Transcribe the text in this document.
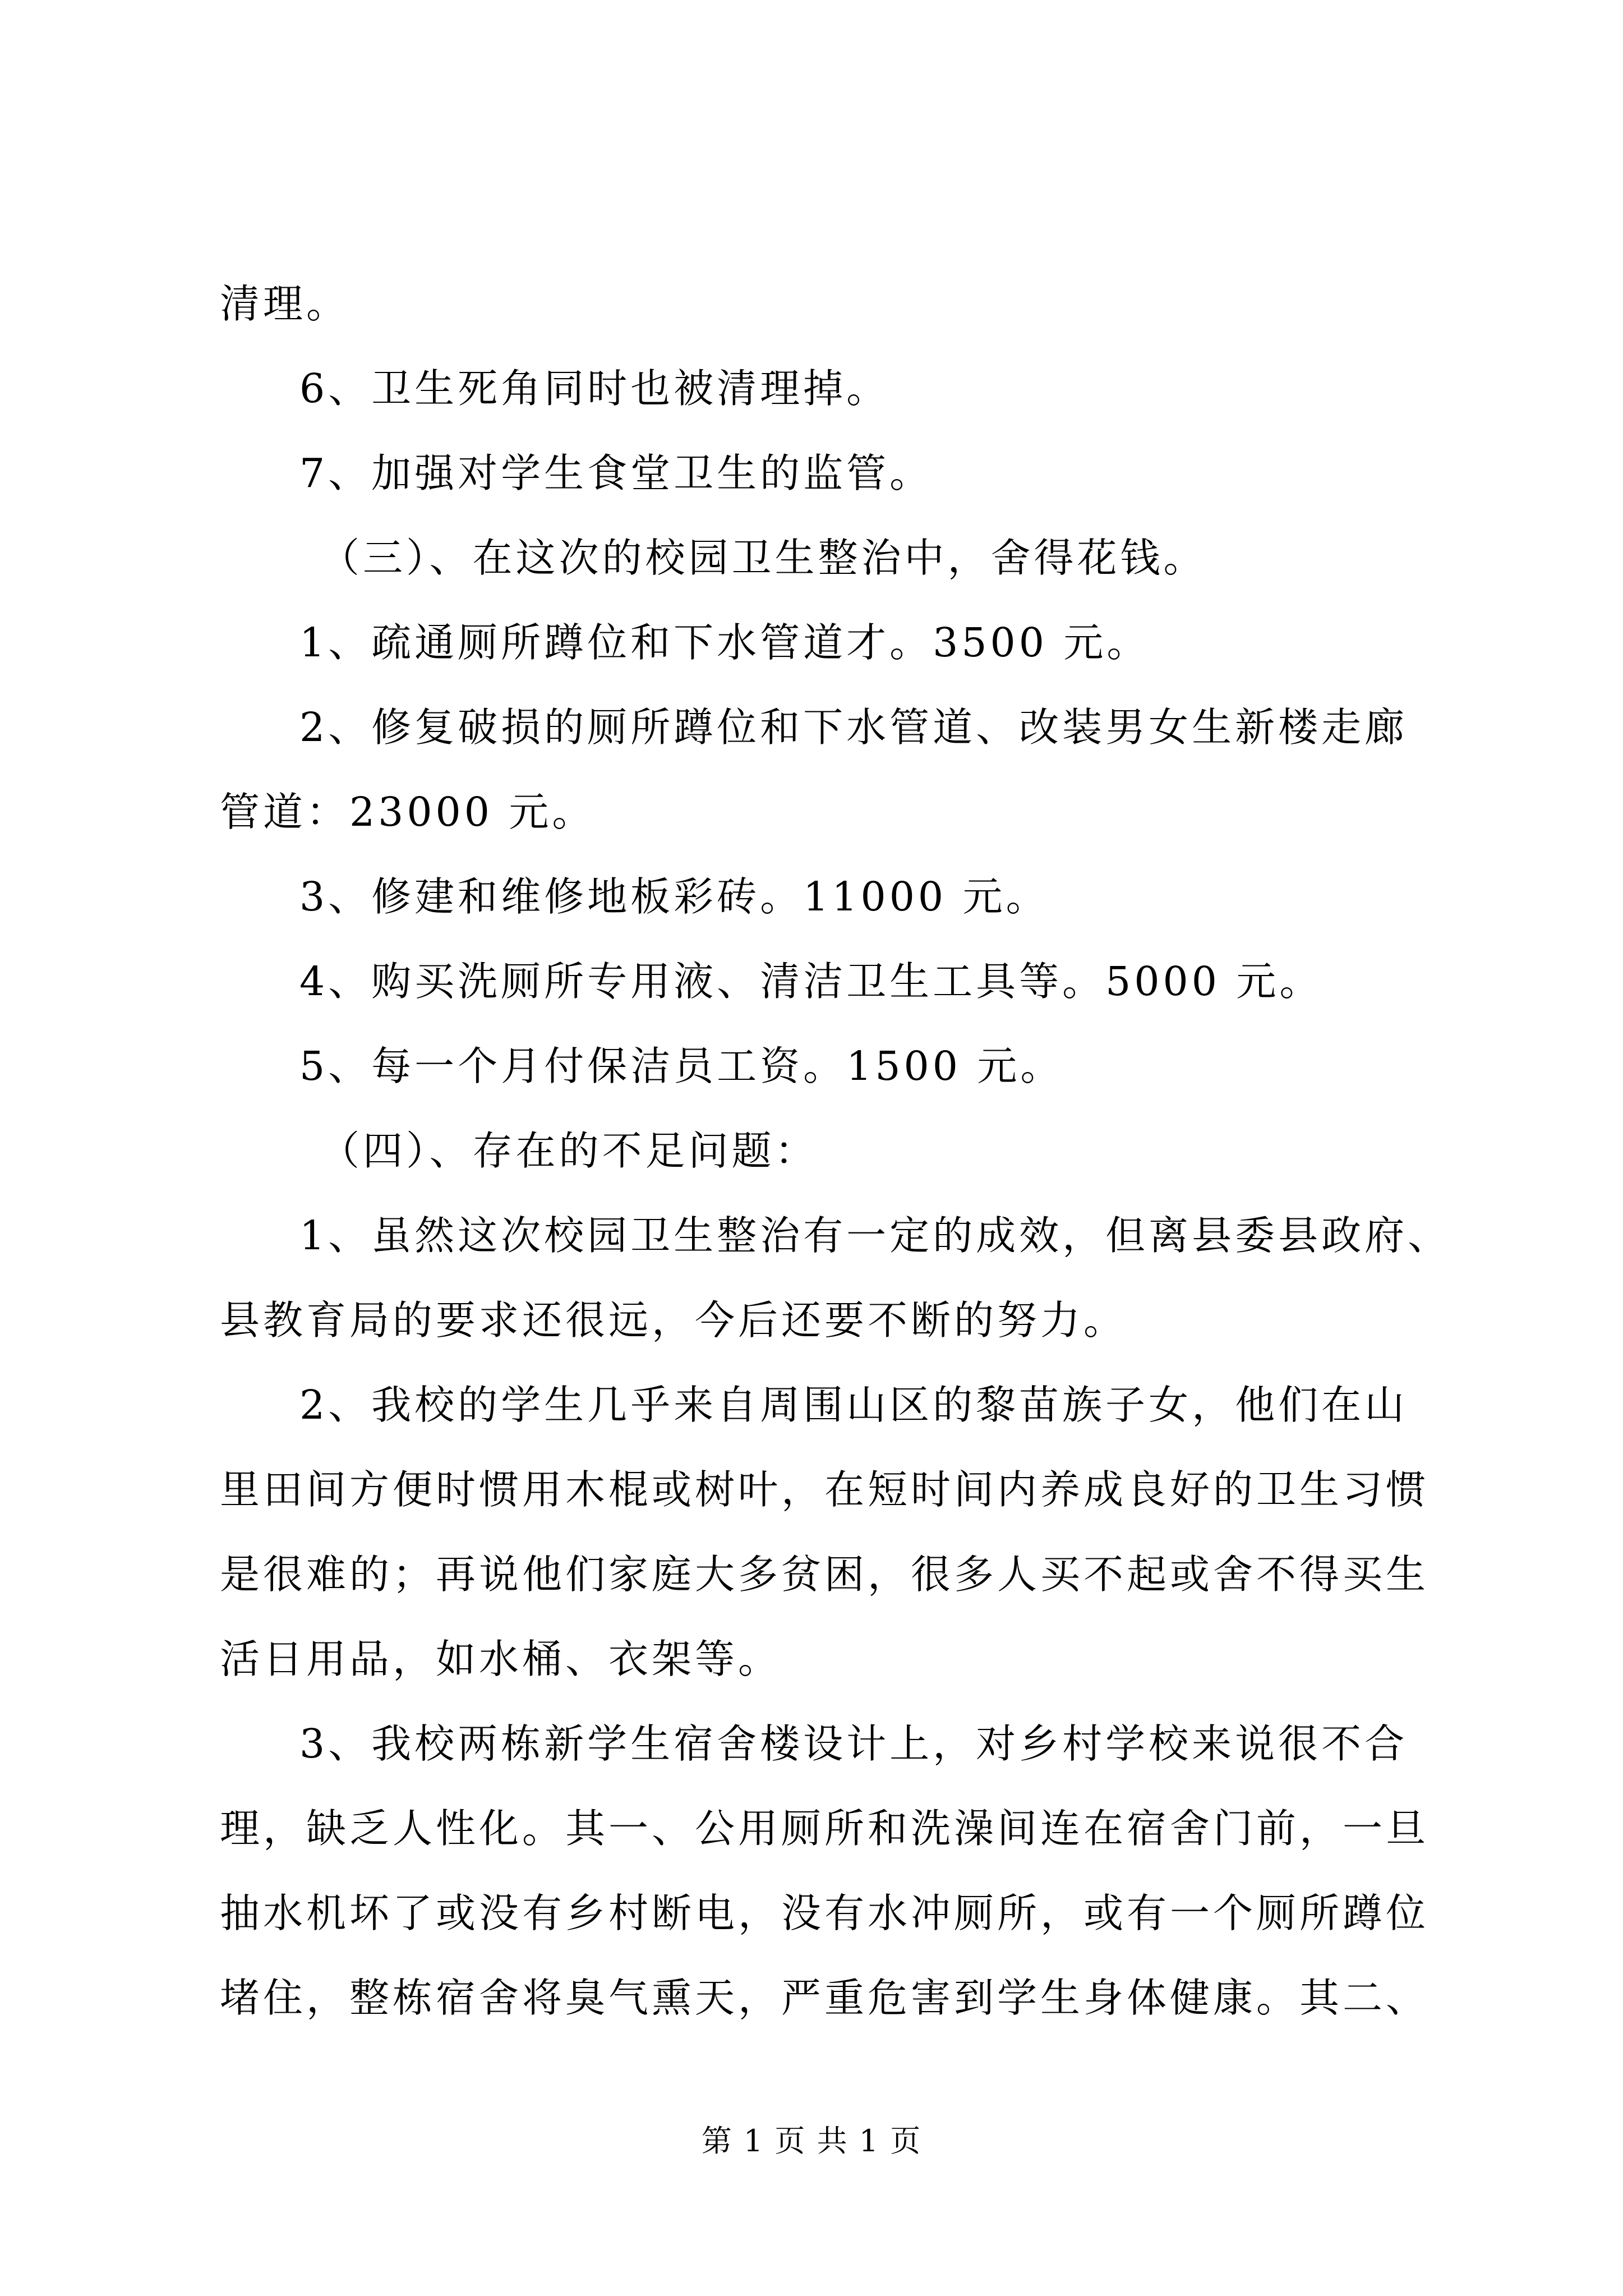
清理。
6、卫生死角同时也被清理掉。
7、加强对学生食堂卫生的监管。
（三）、在这次的校园卫生整治中，舍得花钱。
1、疏通厕所蹲位和下水管道才。3500 元。
2、修复破损的厕所蹲位和下水管道、改装男女生新楼走廊
管道：23000 元。
3、修建和维修地板彩砖。11000 元。
4、购买洗厕所专用液、清洁卫生工具等。5000 元。
5、每一个月付保洁员工资。1500 元。
（四）、存在的不足问题：
1、虽然这次校园卫生整治有一定的成效，但离县委县政府、
县教育局的要求还很远，今后还要不断的努力。
2、我校的学生几乎来自周围山区的黎苗族子女，他们在山
里田间方便时惯用木棍或树叶，在短时间内养成良好的卫生习惯
是很难的；再说他们家庭大多贫困，很多人买不起或舍不得买生
活日用品，如水桶、衣架等。
3、我校两栋新学生宿舍楼设计上，对乡村学校来说很不合
理，缺乏人性化。其一、公用厕所和洗澡间连在宿舍门前，一旦
抽水机坏了或没有乡村断电，没有水冲厕所，或有一个厕所蹲位
堵住，整栋宿舍将臭气熏天，严重危害到学生身体健康。其二、
第 1 页 共 1 页
